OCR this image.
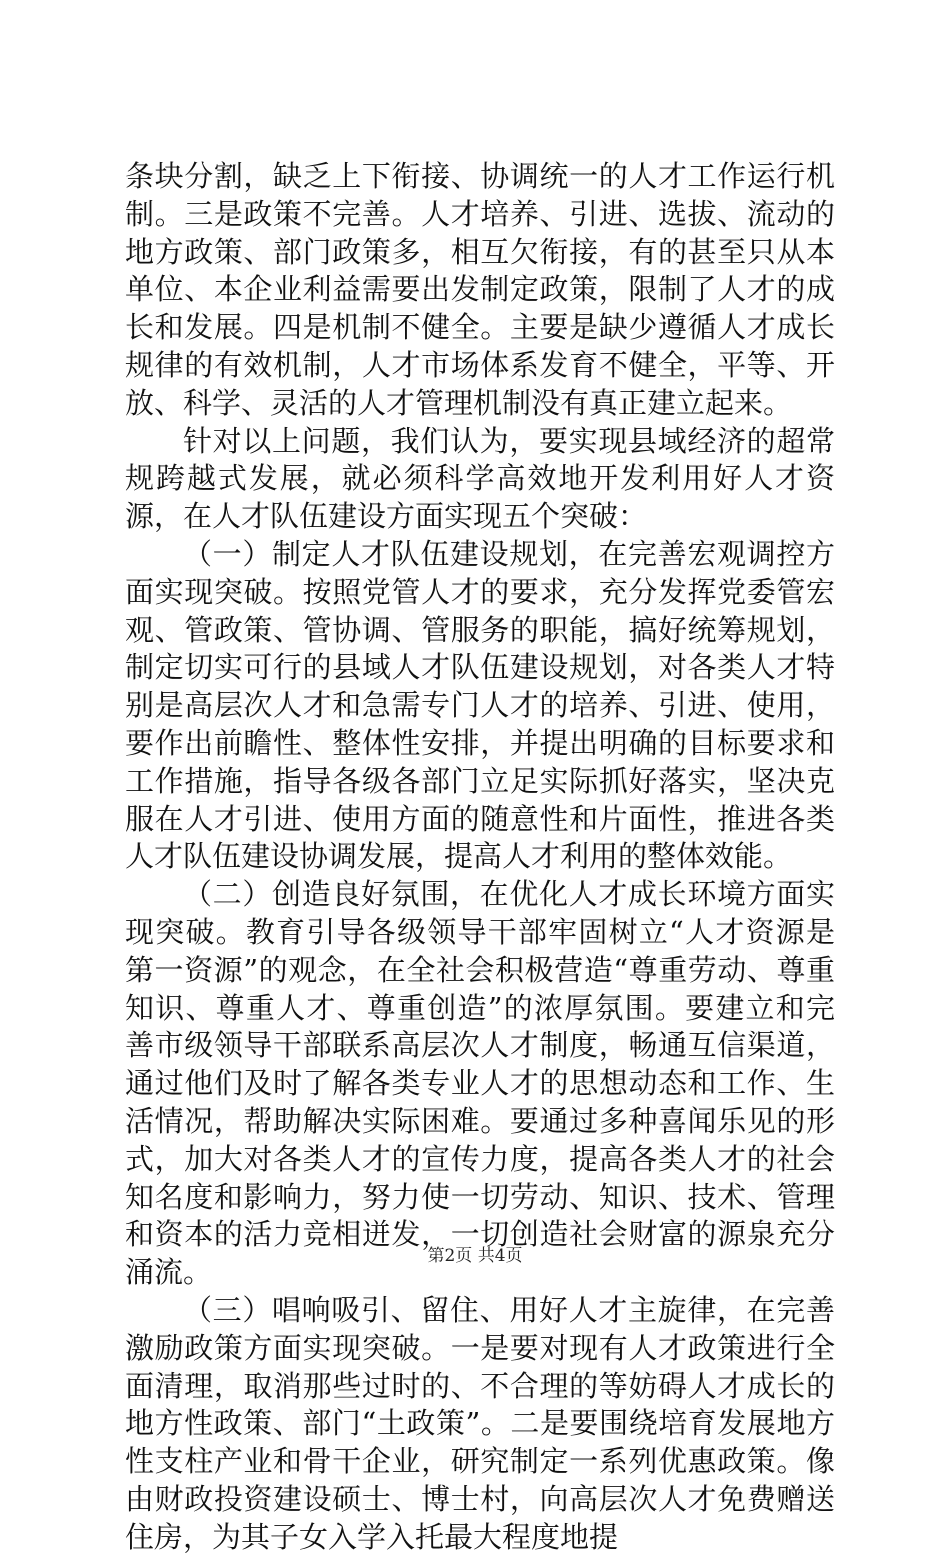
条块分割，缺乏上下衔接、协调统一的人才工作运行机制。三是政策不完善。人才培养、引进、选拔、流动的地方政策、部门政策多，相互欠衔接，有的甚至只从本单位、本企业利益需要出发制定政策，限制了人才的成长和发展。四是机制不健全。主要是缺少遵循人才成长规律的有效机制，人才市场体系发育不健全，平等、开放、科学、灵活的人才管理机制没有真正建立起来。

针对以上问题，我们认为，要实现县域经济的超常规跨越式发展，就必须科学高效地开发利用好人才资源，在人才队伍建设方面实现五个突破：

（一）制定人才队伍建设规划，在完善宏观调控方面实现突破。按照党管人才的要求，充分发挥党委管宏观、管政策、管协调、管服务的职能，搞好统筹规划，制定切实可行的县域人才队伍建设规划，对各类人才特别是高层次人才和急需专门人才的培养、引进、使用，要作出前瞻性、整体性安排，并提出明确的目标要求和工作措施，指导各级各部门立足实际抓好落实，坚决克服在人才引进、使用方面的随意性和片面性，推进各类人才队伍建设协调发展，提高人才利用的整体效能。

（二）创造良好氛围，在优化人才成长环境方面实现突破。教育引导各级领导干部牢固树立“人才资源是第一资源”的观念，在全社会积极营造“尊重劳动、尊重知识、尊重人才、尊重创造”的浓厚氛围。要建立和完善市级领导干部联系高层次人才制度，畅通互信渠道，通过他们及时了解各类专业人才的思想动态和工作、生活情况，帮助解决实际困难。要通过多种喜闻乐见的形式，加大对各类人才的宣传力度，提高各类人才的社会知名度和影响力，努力使一切劳动、知识、技术、管理和资本的活力竞相迸发，一切创造社会财富的源泉充分涌流。

（三）唱响吸引、留住、用好人才主旋律，在完善激励政策方面实现突破。一是要对现有人才政策进行全面清理，取消那些过时的、不合理的等妨碍人才成长的地方性政策、部门“土政策”。二是要围绕培育发展地方性支柱产业和骨干企业，研究制定一系列优惠政策。像由财政投资建设硕士、博士村，向高层次人才免费赠送住房，为其子女入学入托最大程度地提

第2页 共4页
